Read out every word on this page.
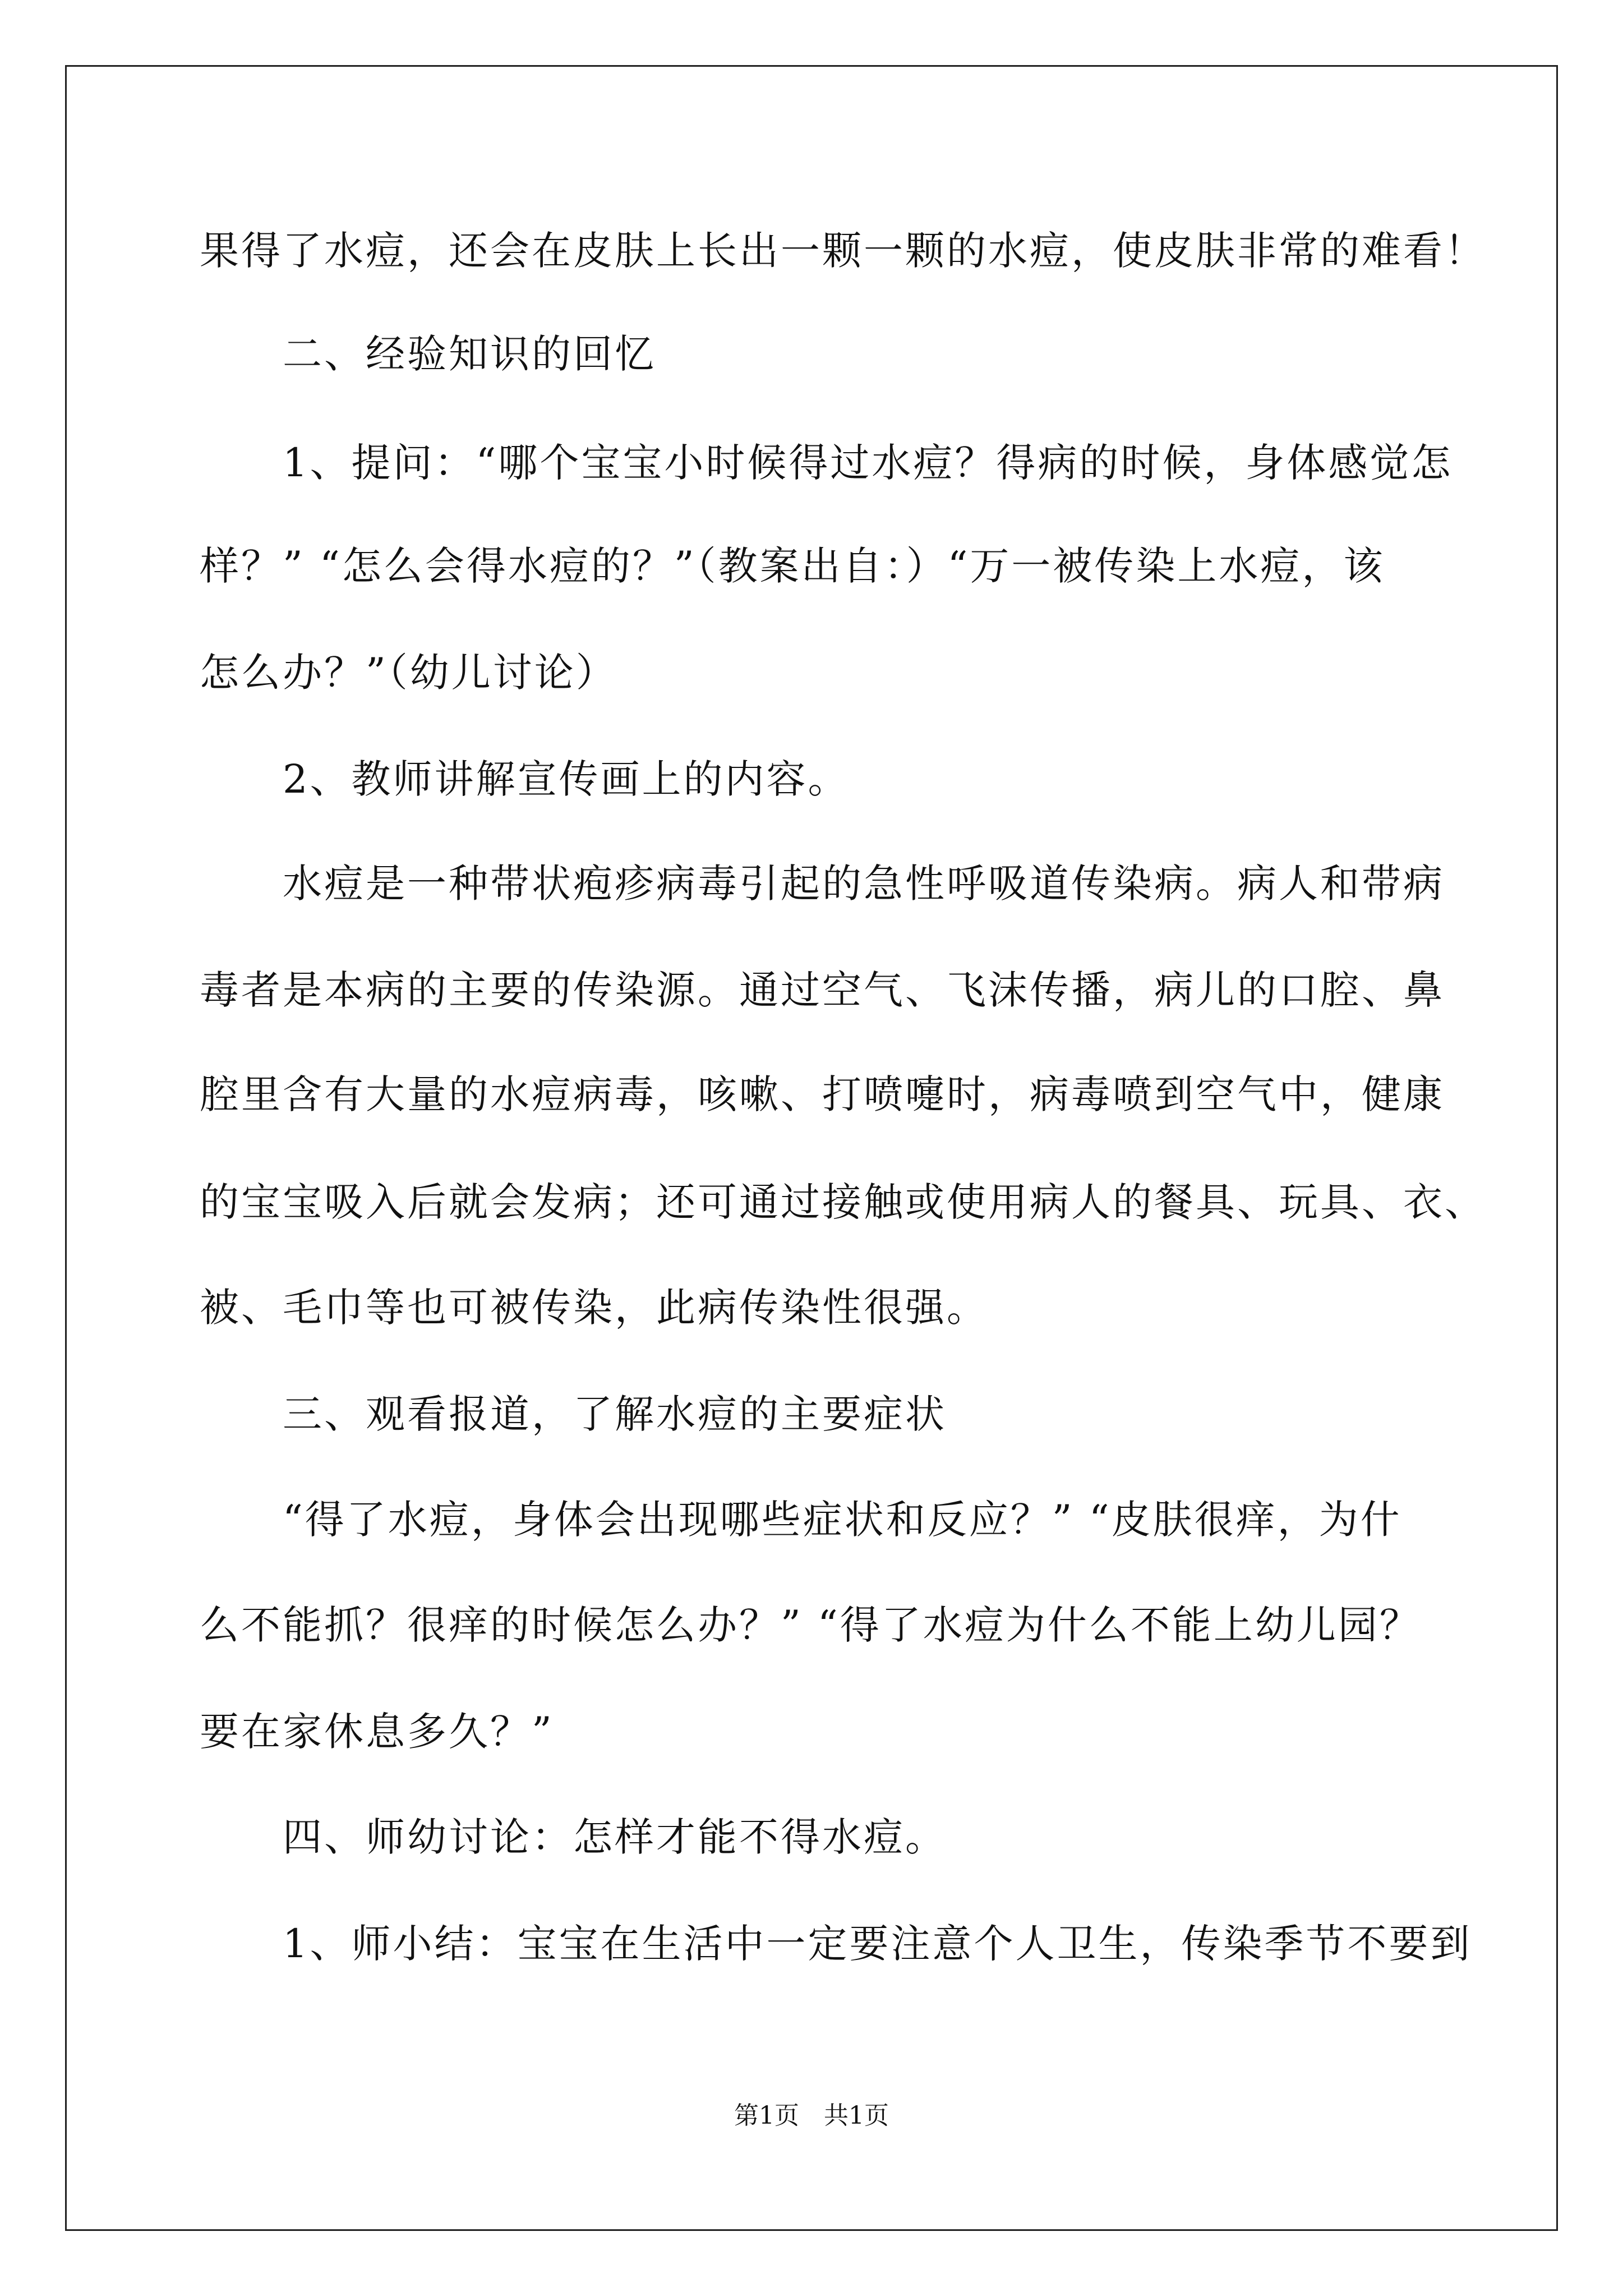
果得了水痘，还会在皮肤上长出一颗一颗的水痘，使皮肤非常的难看！
二、经验知识的回忆
1、提问：“哪个宝宝小时候得过水痘？得病的时候，身体感觉怎
样？” “怎么会得水痘的？”（教案出自：）“万一被传染上水痘，该
怎么办？”（幼儿讨论）
2、教师讲解宣传画上的内容。
水痘是一种带状疱疹病毒引起的急性呼吸道传染病。病人和带病
毒者是本病的主要的传染源。通过空气、飞沫传播，病儿的口腔、鼻
腔里含有大量的水痘病毒，咳嗽、打喷嚏时，病毒喷到空气中，健康
的宝宝吸入后就会发病；还可通过接触或使用病人的餐具、玩具、衣、
被、毛巾等也可被传染，此病传染性很强。
三、观看报道，了解水痘的主要症状
“得了水痘，身体会出现哪些症状和反应？” “皮肤很痒，为什
么不能抓？很痒的时候怎么办？” “得了水痘为什么不能上幼儿园？
要在家休息多久？”
四、师幼讨论：怎样才能不得水痘。
1、师小结：宝宝在生活中一定要注意个人卫生，传染季节不要到
第1页　共1页
